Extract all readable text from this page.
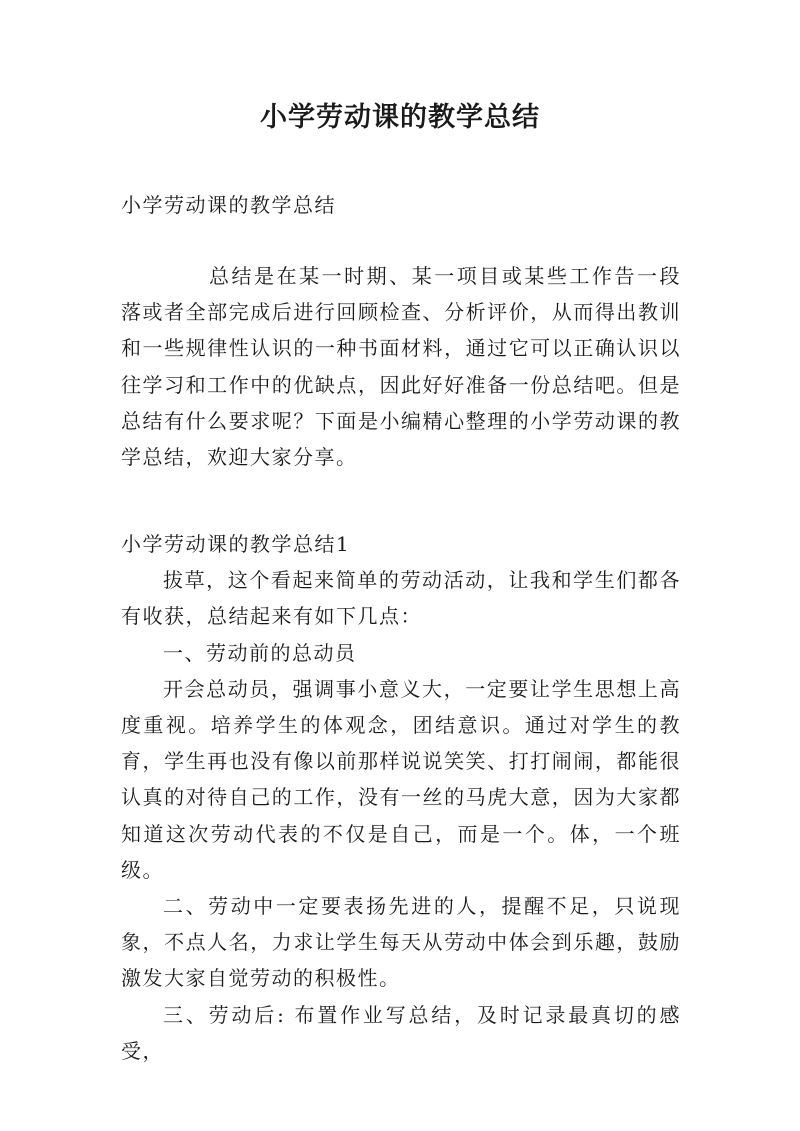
小学劳动课的教学总结

小学劳动课的教学总结

总结是在某一时期、某一项目或某些工作告一段落或者全部完成后进行回顾检查、分析评价，从而得出教训和一些规律性认识的一种书面材料，通过它可以正确认识以往学习和工作中的优缺点，因此好好准备一份总结吧。但是总结有什么要求呢？下面是小编精心整理的小学劳动课的教学总结，欢迎大家分享。

小学劳动课的教学总结1

拔草，这个看起来简单的劳动活动，让我和学生们都各有收获，总结起来有如下几点：

一、劳动前的总动员

开会总动员，强调事小意义大，一定要让学生思想上高度重视。培养学生的体观念，团结意识。通过对学生的教育，学生再也没有像以前那样说说笑笑、打打闹闹，都能很认真的对待自己的工作，没有一丝的马虎大意，因为大家都知道这次劳动代表的不仅是自己，而是一个。体，一个班级。

二、劳动中一定要表扬先进的人，提醒不足，只说现象，不点人名，力求让学生每天从劳动中体会到乐趣，鼓励激发大家自觉劳动的积极性。

三、劳动后: 布置作业写总结，及时记录最真切的感受，
